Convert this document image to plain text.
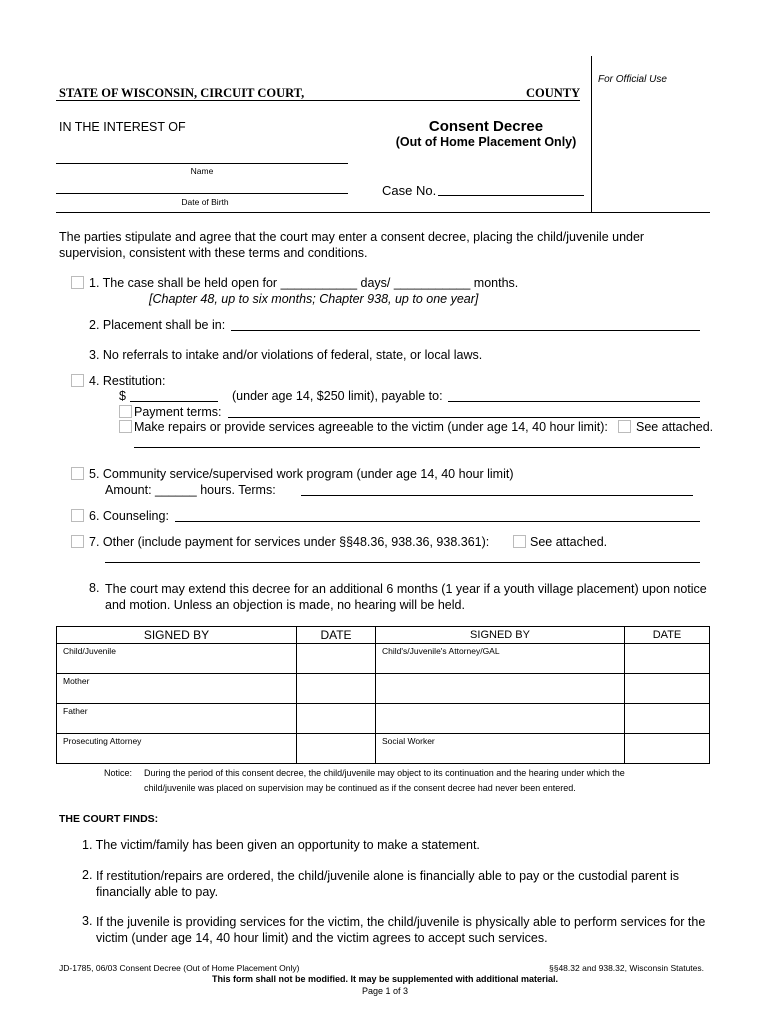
For Official Use
STATE OF WISCONSIN, CIRCUIT COURT,	COUNTY
IN THE INTEREST OF	Consent Decree
(Out of Home Placement Only)
Name
Date of Birth
Case No.
The parties stipulate and agree that the court may enter a consent decree, placing the child/juvenile under supervision, consistent with these terms and conditions.
1. The case shall be held open for ___________ days/ ___________ months.
[Chapter 48, up to six months; Chapter 938, up to one year]
2. Placement shall be in:
3. No referrals to intake and/or violations of federal, state, or local laws.
4. Restitution:
$	(under age 14, $250 limit), payable to:
Payment terms:
Make repairs or provide services agreeable to the victim (under age 14, 40 hour limit): See attached.
5. Community service/supervised work program (under age 14, 40 hour limit)
Amount: ______ hours. Terms:
6. Counseling:
7. Other (include payment for services under §§48.36, 938.36, 938.361):	See attached.
8. The court may extend this decree for an additional 6 months (1 year if a youth village placement) upon notice and motion. Unless an objection is made, no hearing will be held.
SIGNED BY	DATE	SIGNED BY	DATE

Child/Juvenile		Child's/Juvenile's Attorney/GAL	

Mother			

Father			

Prosecuting Attorney		Social Worker	

Notice: During the period of this consent decree, the child/juvenile may object to its continuation and the hearing under which the
child/juvenile was placed on supervision may be continued as if the consent decree had never been entered.
THE COURT FINDS:
1. The victim/family has been given an opportunity to make a statement.
2. If restitution/repairs are ordered, the child/juvenile alone is financially able to pay or the custodial parent is financially able to pay.
3. If the juvenile is providing services for the victim, the child/juvenile is physically able to perform services for the victim (under age 14, 40 hour limit) and the victim agrees to accept such services.
JD-1785, 06/03 Consent Decree (Out of Home Placement Only)	§§48.32 and 938.32, Wisconsin Statutes.
This form shall not be modified. It may be supplemented with additional material.
Page 1 of 3
